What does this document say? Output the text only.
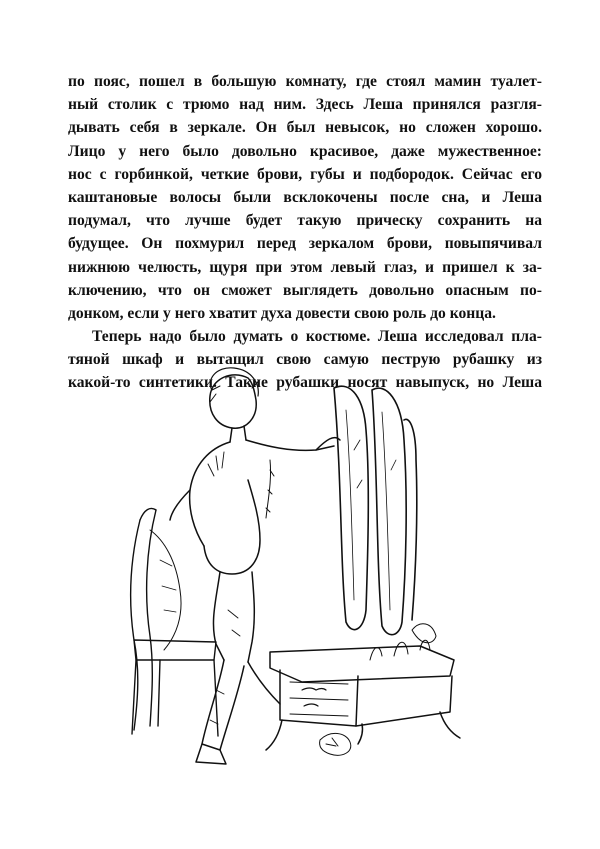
по пояс, пошел в большую комнату, где стоял мамин туалет-
ный столик с трюмо над ним. Здесь Леша принялся разгля-
дывать себя в зеркале. Он был невысок, но сложен хорошо.
Лицо у него было довольно красивое, даже мужественное:
нос с горбинкой, четкие брови, губы и подбородок. Сейчас его
каштановые волосы были всклокочены после сна, и Леша
подумал, что лучше будет такую прическу сохранить на
будущее. Он похмурил перед зеркалом брови, повыпячивал
нижнюю челюсть, щуря при этом левый глаз, и пришел к за-
ключению, что он сможет выглядеть довольно опасным по-
донком, если у него хватит духа довести свою роль до конца.
Теперь надо было думать о костюме. Леша исследовал пла-
тяной шкаф и вытащил свою самую пеструю рубашку из
какой-то синтетики. Такие рубашки носят навыпуск, но Леша
